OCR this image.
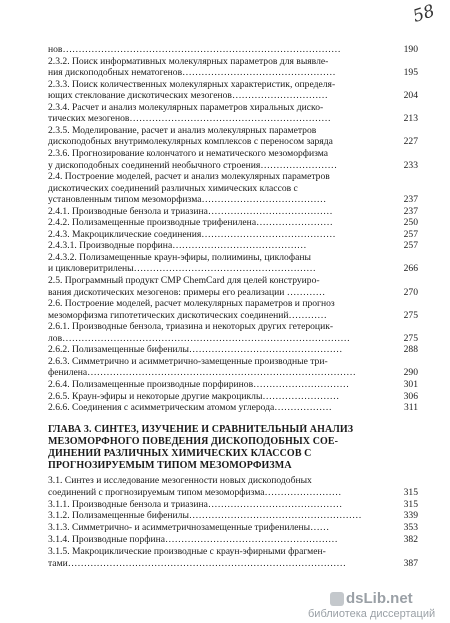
58
нов……………………………………………………………………………	190
2.3.2. Поиск информативных молекулярных параметров для выявле-
ния дископодобных нематогенов…………………………………………	195
2.3.3. Поиск количественных молекулярных характеристик, определя-
ющих стеклование дискотических мезогенов…………………………	204
2.3.4. Расчет и анализ молекулярных параметров хиральных диско-
тических мезогенов………………………………………………………	213
2.3.5. Моделирование, расчет и анализ молекулярных параметров
дископодобных внутримолекулярных комплексов с переносом заряда	227
2.3.6. Прогнозирование колончатого и нематического мезоморфизма
у дископодобных соединений необычного строения……………………	233
2.4. Построение моделей, расчет и анализ молекулярных параметров
дискотических соединений различных химических классов с
установленным типом мезоморфизма…………………………………	237
2.4.1. Производные бензола и триазина…………………………………	237
2.4.2. Полизамещенные производные трифенилена……………………	250
2.4.3. Макроциклические соединения……………………………………	257
2.4.3.1. Производные порфина……………………………………	257
2.4.3.2. Полизамещенные краун-эфиры, полиимины, циклофаны
и цикловеритрилены…………………………………………………	266
2.5. Программный продукт CMP ChemCard для целей конструиро-
вания дискотических мезогенов: примеры его реализации …………	270
2.6. Построение моделей, расчет молекулярных параметров и прогноз
мезоморфизма гипотетических дискотических соединений…………	275
2.6.1. Производные бензола, триазина и некоторых других гетероцик-
лов………………………………………………………………………………	275
2.6.2. Полизамещенные бифенилы…………………………………………	288
2.6.3. Симметрично и асимметрично-замещенные производные три-
фенилена…………………………………………………………………………	290
2.6.4. Полизамещенные производные порфиринов…………………………	301
2.6.5. Краун-эфиры и некоторые другие макроциклы……………………	306
2.6.6. Соединения с асимметрическим атомом углерода………………	311
ГЛАВА 3. СИНТЕЗ, ИЗУЧЕНИЕ И СРАВНИТЕЛЬНЫЙ АНАЛИЗ
МЕЗОМОРФНОГО ПОВЕДЕНИЯ ДИСКОПОДОБНЫХ СОЕ-
ДИНЕНИЙ РАЗЛИЧНЫХ ХИМИЧЕСКИХ КЛАССОВ С
ПРОГНОЗИРУЕМЫМ ТИПОМ МЕЗОМОРФИЗМА
3.1. Синтез и исследование мезогенности новых дископодобных
соединений с прогнозируемым типом мезоморфизма……………………	315
3.1.1. Производные бензола и триазина……………………………………	315
3.1.2. Полизамещенные бифенилы………………………………………………	339
3.1.3. Симметрично- и асимметричнозамещенные трифенилены……	353
3.1.4. Производные порфина………………………………………………	382
3.1.5. Макроциклические производные с краун-эфирными фрагмен-
тами……………………………………………………………………………	387
dsLib.net
библиотека диссертаций
